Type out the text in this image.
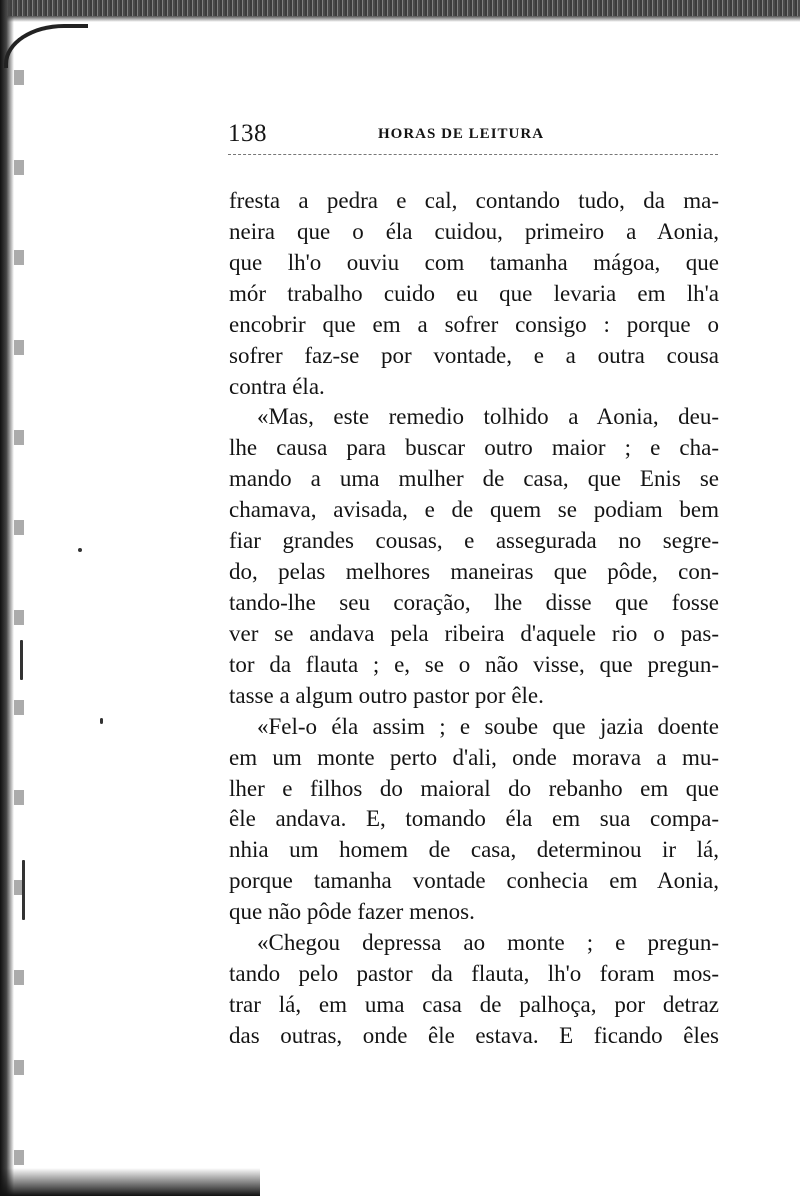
138	HORAS DE LEITURA
fresta a pedra e cal, contando tudo, da ma-
neira que o éla cuidou, primeiro a Aonia,
que lh'o ouviu com tamanha mágoa, que
mór trabalho cuido eu que levaria em lh'a
encobrir que em a sofrer consigo : porque o
sofrer faz-se por vontade, e a outra cousa
contra éla.
«Mas, este remedio tolhido a Aonia, deu-
lhe causa para buscar outro maior ; e cha-
mando a uma mulher de casa, que Enis se
chamava, avisada, e de quem se podiam bem
fiar grandes cousas, e assegurada no segre-
do, pelas melhores maneiras que pôde, con-
tando-lhe seu coração, lhe disse que fosse
ver se andava pela ribeira d'aquele rio o pas-
tor da flauta ; e, se o não visse, que pregun-
tasse a algum outro pastor por êle.
«Fel-o éla assim ; e soube que jazia doente
em um monte perto d'ali, onde morava a mu-
lher e filhos do maioral do rebanho em que
êle andava. E, tomando éla em sua compa-
nhia um homem de casa, determinou ir lá,
porque tamanha vontade conhecia em Aonia,
que não pôde fazer menos.
«Chegou depressa ao monte ; e pregun-
tando pelo pastor da flauta, lh'o foram mos-
trar lá, em uma casa de palhoça, por detraz
das outras, onde êle estava. E ficando êles
